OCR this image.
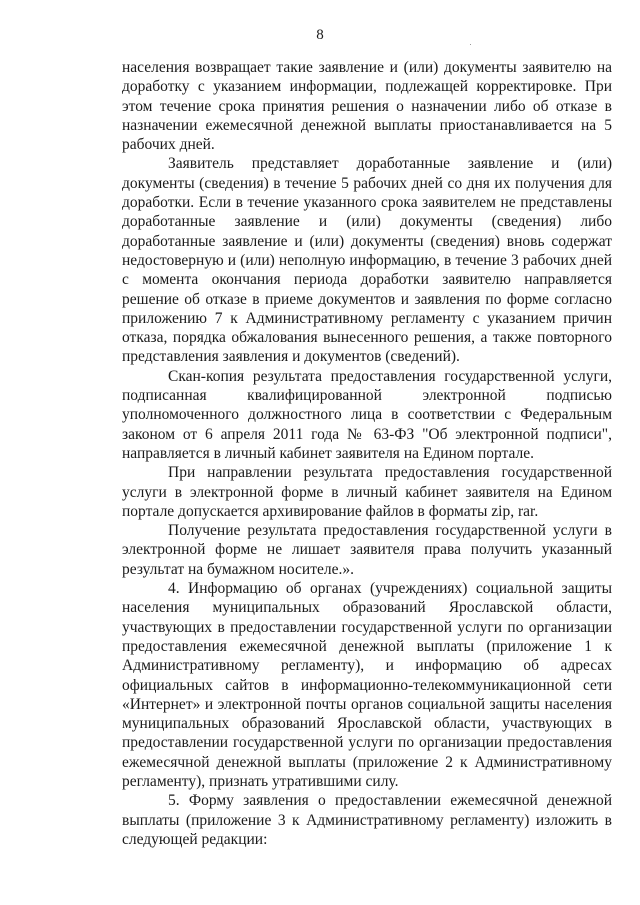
8

населения возвращает такие заявление и (или) документы заявителю на доработку с указанием информации, подлежащей корректировке. При этом течение срока принятия решения о назначении либо об отказе в назначении ежемесячной денежной выплаты приостанавливается на 5 рабочих дней.

Заявитель представляет доработанные заявление и (или) документы (сведения) в течение 5 рабочих дней со дня их получения для доработки. Если в течение указанного срока заявителем не представлены доработанные заявление и (или) документы (сведения) либо доработанные заявление и (или) документы (сведения) вновь содержат недостоверную и (или) неполную информацию, в течение 3 рабочих дней с момента окончания периода доработки заявителю направляется решение об отказе в приеме документов и заявления по форме согласно приложению 7 к Административному регламенту с указанием причин отказа, порядка обжалования вынесенного решения, а также повторного представления заявления и документов (сведений).

Скан-копия результата предоставления государственной услуги, подписанная квалифицированной электронной подписью уполномоченного должностного лица в соответствии с Федеральным законом от 6 апреля 2011 года № 63-ФЗ "Об электронной подписи", направляется в личный кабинет заявителя на Едином портале.

При направлении результата предоставления государственной услуги в электронной форме в личный кабинет заявителя на Едином портале допускается архивирование файлов в форматы zip, rar.

Получение результата предоставления государственной услуги в электронной форме не лишает заявителя права получить указанный результат на бумажном носителе.».

4. Информацию об органах (учреждениях) социальной защиты населения муниципальных образований Ярославской области, участвующих в предоставлении государственной услуги по организации предоставления ежемесячной денежной выплаты (приложение 1 к Административному регламенту), и информацию об адресах официальных сайтов в информационно-телекоммуникационной сети «Интернет» и электронной почты органов социальной защиты населения муниципальных образований Ярославской области, участвующих в предоставлении государственной услуги по организации предоставления ежемесячной денежной выплаты (приложение 2 к Административному регламенту), признать утратившими силу.

5. Форму заявления о предоставлении ежемесячной денежной выплаты (приложение 3 к Административному регламенту) изложить в следующей редакции:
